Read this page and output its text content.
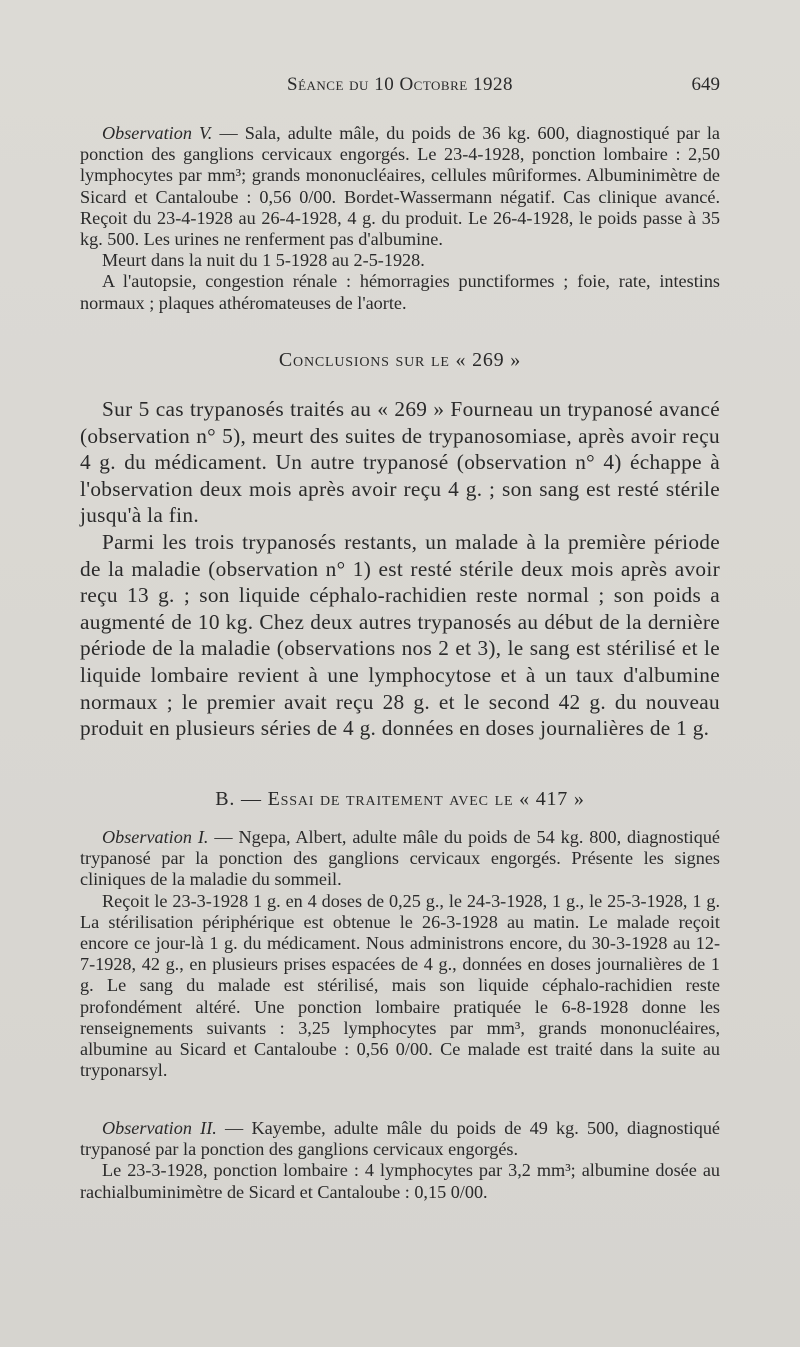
Séance du 10 Octobre 1928	649

Observation V. — Sala, adulte mâle, du poids de 36 kg. 600, diagnostiqué par la ponction des ganglions cervicaux engorgés. Le 23-4-1928, ponction lombaire : 2,50 lymphocytes par mm³; grands mononucléaires, cellules mûriformes. Albuminimètre de Sicard et Cantaloube : 0,56 0/00. Bordet-Wassermann négatif. Cas clinique avancé. Reçoit du 23-4-1928 au 26-4-1928, 4 g. du produit. Le 26-4-1928, le poids passe à 35 kg. 500. Les urines ne renferment pas d'albumine.

Meurt dans la nuit du 1 5-1928 au 2-5-1928.

A l'autopsie, congestion rénale : hémorragies punctiformes ; foie, rate, intestins normaux ; plaques athéromateuses de l'aorte.

Conclusions sur le « 269 »

Sur 5 cas trypanosés traités au « 269 » Fourneau un trypanosé avancé (observation n° 5), meurt des suites de trypanosomiase, après avoir reçu 4 g. du médicament. Un autre trypanosé (observation n° 4) échappe à l'observation deux mois après avoir reçu 4 g. ; son sang est resté stérile jusqu'à la fin.

Parmi les trois trypanosés restants, un malade à la première période de la maladie (observation n° 1) est resté stérile deux mois après avoir reçu 13 g. ; son liquide céphalo-rachidien reste normal ; son poids a augmenté de 10 kg. Chez deux autres trypanosés au début de la dernière période de la maladie (observations nos 2 et 3), le sang est stérilisé et le liquide lombaire revient à une lymphocytose et à un taux d'albumine normaux ; le premier avait reçu 28 g. et le second 42 g. du nouveau produit en plusieurs séries de 4 g. données en doses journalières de 1 g.

B. — Essai de traitement avec le « 417 »

Observation I. — Ngepa, Albert, adulte mâle du poids de 54 kg. 800, diagnostiqué trypanosé par la ponction des ganglions cervicaux engorgés. Présente les signes cliniques de la maladie du sommeil.

Reçoit le 23-3-1928 1 g. en 4 doses de 0,25 g., le 24-3-1928, 1 g., le 25-3-1928, 1 g. La stérilisation périphérique est obtenue le 26-3-1928 au matin. Le malade reçoit encore ce jour-là 1 g. du médicament. Nous administrons encore, du 30-3-1928 au 12-7-1928, 42 g., en plusieurs prises espacées de 4 g., données en doses journalières de 1 g. Le sang du malade est stérilisé, mais son liquide céphalo-rachidien reste profondément altéré. Une ponction lombaire pratiquée le 6-8-1928 donne les renseignements suivants : 3,25 lymphocytes par mm³, grands mononucléaires, albumine au Sicard et Cantaloube : 0,56 0/00. Ce malade est traité dans la suite au tryponarsyl.

Observation II. — Kayembe, adulte mâle du poids de 49 kg. 500, diagnostiqué trypanosé par la ponction des ganglions cervicaux engorgés.

Le 23-3-1928, ponction lombaire : 4 lymphocytes par 3,2 mm³; albumine dosée au rachialbuminimètre de Sicard et Cantaloube : 0,15 0/00.
